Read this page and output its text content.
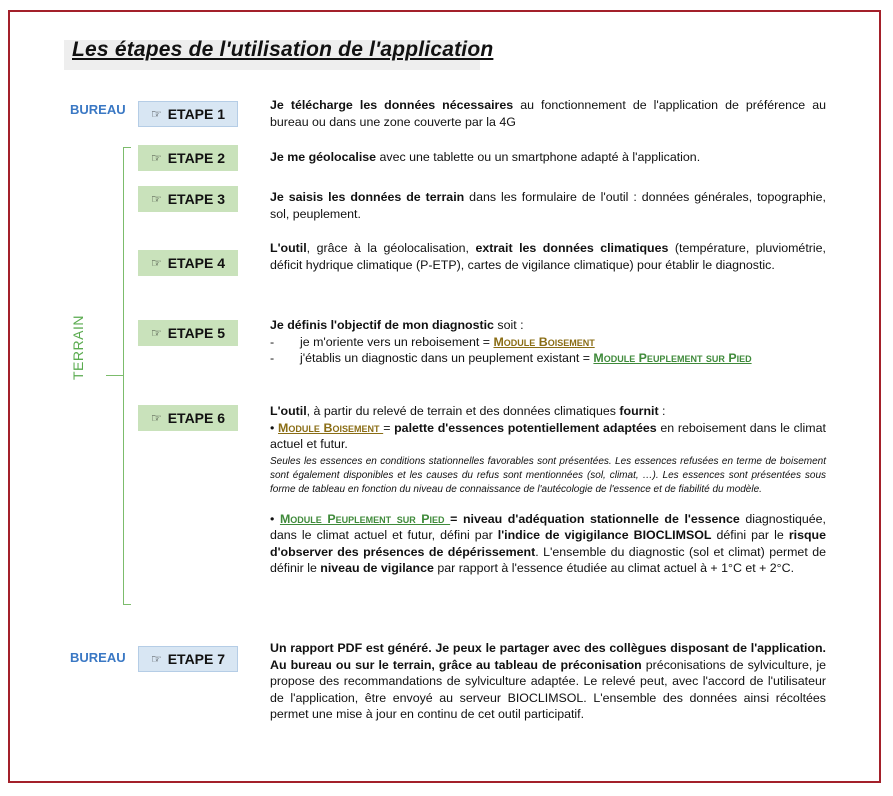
Les étapes de l'utilisation de l'application
BUREAU
BUREAU
TERRAIN
☞ ETAPE 1
☞ ETAPE 2
☞ ETAPE 3
☞ ETAPE 4
☞ ETAPE 5
☞ ETAPE 6
☞ ETAPE 7
Je télécharge les données nécessaires au fonctionnement de l'application de préférence au bureau ou dans une zone couverte par la 4G
Je me géolocalise avec une tablette ou un smartphone adapté à l'application.
Je saisis les données de terrain dans les formulaire de l'outil : données générales, topographie, sol, peuplement.
L'outil, grâce à la géolocalisation, extrait les données climatiques (température, pluviométrie, déficit hydrique climatique (P-ETP), cartes de vigilance climatique) pour établir le diagnostic.
Je définis l'objectif de mon diagnostic soit :
-	je m'oriente vers un reboisement = Module Boisement
-	j'établis un diagnostic dans un peuplement existant = Module Peuplement sur Pied
L'outil, à partir du relevé de terrain et des données climatiques fournit :
• Module Boisement = palette d'essences potentiellement adaptées en reboisement dans le climat actuel et futur.
Seules les essences en conditions stationnelles favorables sont présentées. Les essences refusées en terme de boisement sont également disponibles et les causes du refus sont mentionnées (sol, climat, …). Les essences sont présentées sous forme de tableau en fonction du niveau de connaissance de l'autécologie de l'essence et de fiabilité du modèle.
• Module Peuplement sur Pied = niveau d'adéquation stationnelle de l'essence diagnostiquée, dans le climat actuel et futur, défini par l'indice de vigigilance BIOCLIMSOL défini par le risque d'observer des présences de dépérissement. L'ensemble du diagnostic (sol et climat) permet de définir le niveau de vigilance par rapport à l'essence étudiée au climat actuel à + 1°C et + 2°C.
Un rapport PDF est généré. Je peux le partager avec des collègues disposant de l'application. Au bureau ou sur le terrain, grâce au tableau de préconisation préconisations de sylviculture, je propose des recommandations de sylviculture adaptée. Le relevé peut, avec l'accord de l'utilisateur de l'application, être envoyé au serveur BIOCLIMSOL. L'ensemble des données ainsi récoltées permet une mise à jour en continu de cet outil participatif.
